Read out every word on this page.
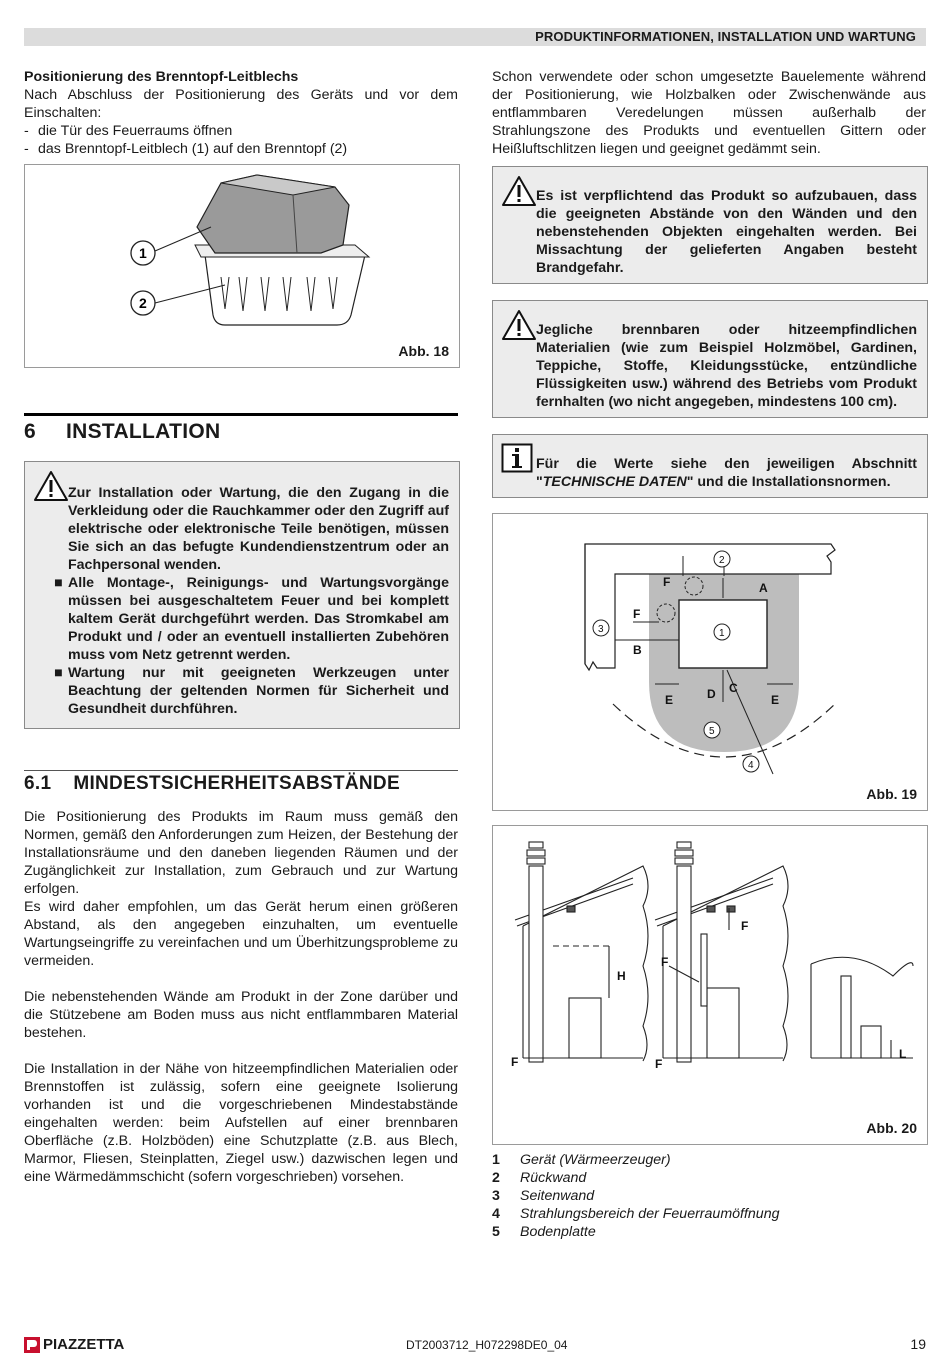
PRODUKTINFORMATIONEN, INSTALLATION UND WARTUNG
Positionierung des Brenntopf-Leitblechs
Nach Abschluss der Positionierung des Geräts und vor dem Einschalten:
- die Tür des Feuerraums öffnen
- das Brenntopf-Leitblech (1) auf den Brenntopf (2)
1
2
Abb. 18
6 INSTALLATION
Zur Installation oder Wartung, die den Zugang in die Verkleidung oder die Rauchkammer oder den Zugriff auf elektrische oder elektronische Teile benötigen, müssen Sie sich an das befugte Kundendienstzentrum oder an Fachpersonal wenden.
■ Alle Montage-, Reinigungs- und Wartungsvorgänge müssen bei ausgeschaltetem Feuer und bei komplett kaltem Gerät durchgeführt werden. Das Stromkabel am Produkt und / oder an eventuell installierten Zubehören muss vom Netz getrennt werden.
■ Wartung nur mit geeigneten Werkzeugen unter Beachtung der geltenden Normen für Sicherheit und Gesundheit durchführen.
6.1 MINDESTSICHERHEITSABSTÄNDE
Die Positionierung des Produkts im Raum muss gemäß den Normen, gemäß den Anforderungen zum Heizen, der Bestehung der Installationsräume und den daneben liegenden Räumen und der Zugänglichkeit zur Installation, zum Gebrauch und zur Wartung erfolgen.
Es wird daher empfohlen, um das Gerät herum einen größeren Abstand, als den angegeben einzuhalten, um eventuelle Wartungseingriffe zu vereinfachen und um Überhitzungsprobleme zu vermeiden.
Die nebenstehenden Wände am Produkt in der Zone darüber und die Stützebene am Boden muss aus nicht entflammbaren Material bestehen.
Die Installation in der Nähe von hitzeempfindlichen Materialien oder Brennstoffen ist zulässig, sofern eine geeignete Isolierung vorhanden ist und die vorgeschriebenen Mindestabstände eingehalten werden: beim Aufstellen auf einer brennbaren Oberfläche (z.B. Holzböden) eine Schutzplatte (z.B. aus Blech, Marmor, Fliesen, Steinplatten, Ziegel usw.) dazwischen legen und eine Wärmedämmschicht (sofern vorgeschrieben) vorsehen.
Schon verwendete oder schon umgesetzte Bauelemente während der Positionierung, wie Holzbalken oder Zwischenwände aus entflammbaren Veredelungen müssen außerhalb der Strahlungszone des Produkts und eventuellen Gittern oder Heißluftschlitzen liegen und geeignet gedämmt sein.
Es ist verpflichtend das Produkt so aufzubauen, dass die geeigneten Abstände von den Wänden und den nebenstehenden Objekten eingehalten werden. Bei Missachtung der gelieferten Angaben besteht Brandgefahr.
Jegliche brennbaren oder hitzeempfindlichen Materialien (wie zum Beispiel Holzmöbel, Gardinen, Teppiche, Stoffe, Kleidungsstücke, entzündliche Flüssigkeiten usw.) während des Betriebs vom Produkt fernhalten (wo nicht angegeben, mindestens 100 cm).
Für die Werte siehe den jeweiligen Abschnitt "TECHNISCHE DATEN" und die Installationsnormen.
F	A
F
B
E	D C
E
1
2
3
4
5
Abb. 19
H
F
F
F
F
L
Abb. 20
1	Gerät (Wärmeerzeuger)
2	Rückwand
3	Seitenwand
4	Strahlungsbereich der Feuerraumöffnung
5	Bodenplatte
PIAZZETTA	DT2003712_H072298DE0_04	19
